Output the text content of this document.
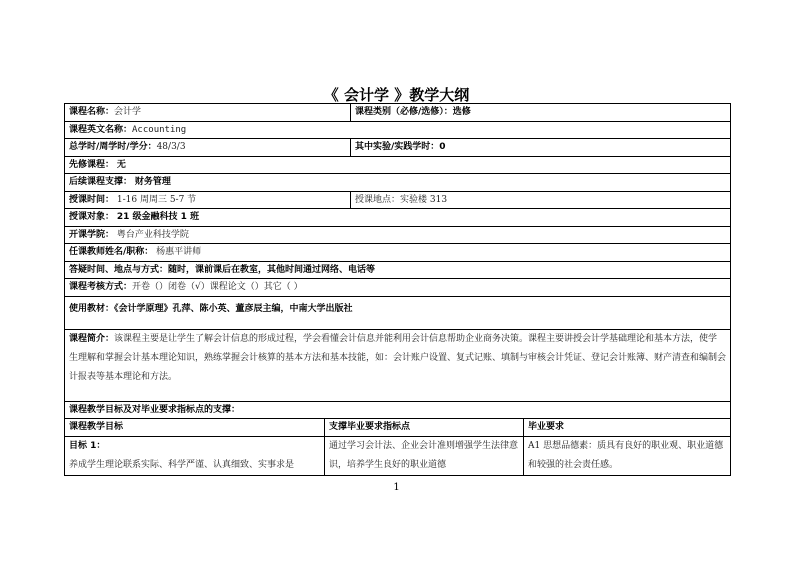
《 会计学 》教学大纲
课程名称：会计学		课程类别（必修/选修）：选修	
课程英文名称：Accounting			
总学时/周学时/学分：48/3/3		其中实验/实践学时：0	
先修课程： 无			
后续课程支撑： 财务管理			
授课时间： 1-16 周周三 5-7 节		授课地点：实验楼 313	
授课对象： 21 级金融科技 1 班			
开课学院： 粤台产业科技学院			
任课教师姓名/职称： 杨惠平讲师			
答疑时间、地点与方式：随时，课前课后在教室，其他时间通过网络、电话等			
课程考核方式：开卷（）闭卷（√）课程论文（）其它（ ）			
使用教材：《会计学原理》孔萍、陈小英、董彦辰主编，中南大学出版社			
课程简介：该课程主要是让学生了解会计信息的形成过程，学会看懂会计信息并能利用会计信息帮助企业商务决策。课程主要讲授会计学基础理论和基本方法，使学生理解和掌握会计基本理论知识，熟练掌握会计核算的基本方法和基本技能，如：会计账户设置、复式记账、填制与审核会计凭证、登记会计账簿、财产清查和编制会计报表等基本理论和方法。			
课程教学目标及对毕业要求指标点的支撑：			
课程教学目标	支撑毕业要求指标点		毕业要求

目标 1：
养成学生理论联系实际、科学严谨、认真细致、实事求是	通过学习会计法、企业会计准则增强学生法律意识，培养学生良好的职业道德		A1 思想品德素：质具有良好的职业观、职业道德和较强的社会责任感。
1
